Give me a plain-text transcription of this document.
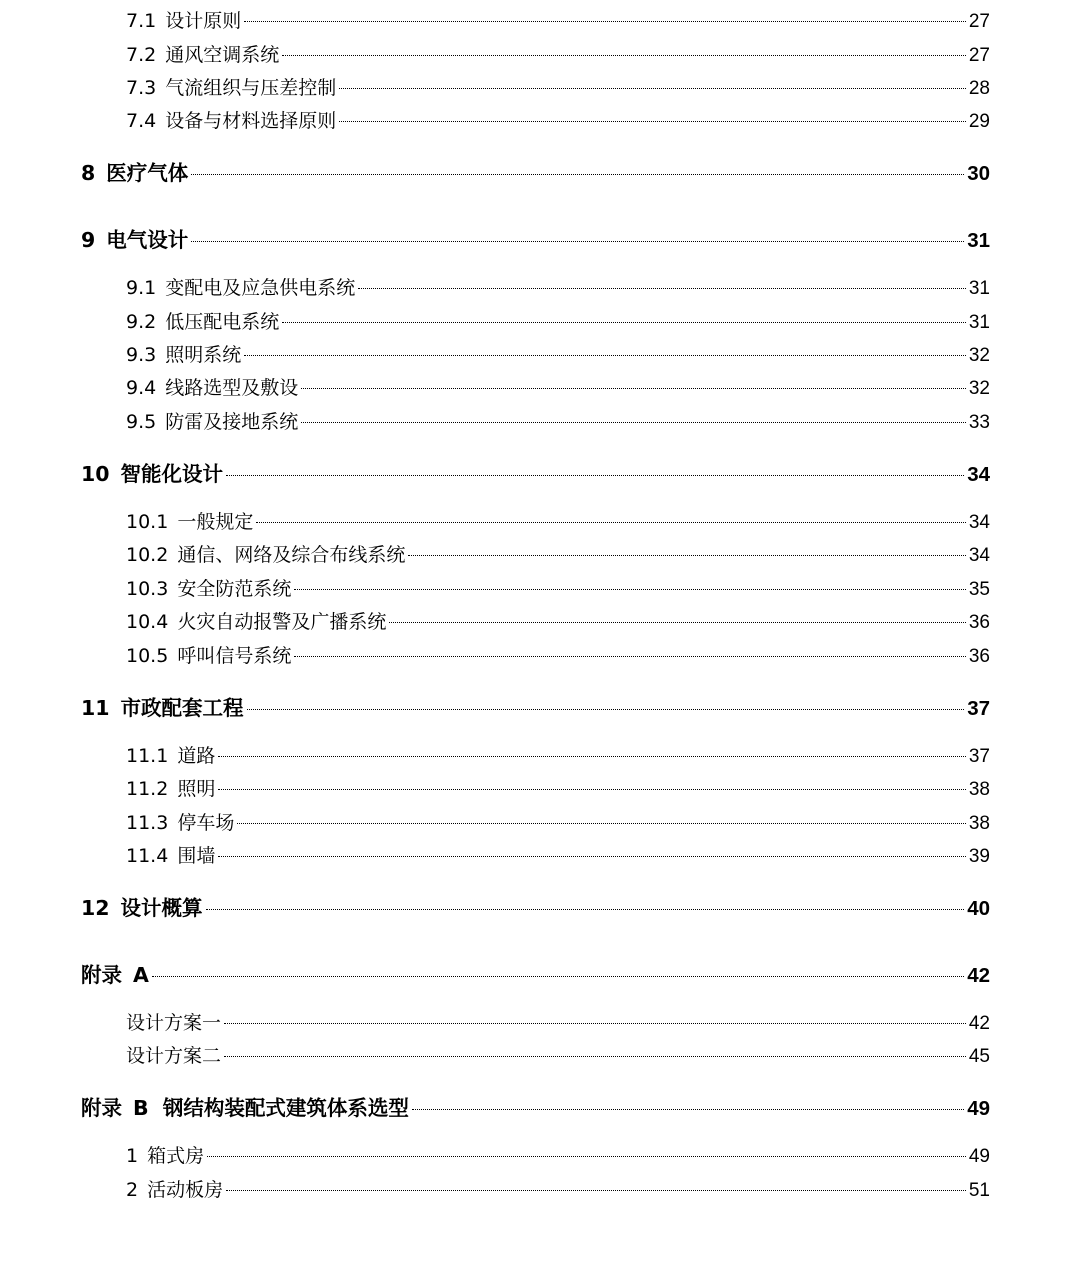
7.1 设计原则	27
7.2 通风空调系统	27
7.3 气流组织与压差控制	28
7.4 设备与材料选择原则	29
8 医疗气体	30
9 电气设计	31
9.1 变配电及应急供电系统	31
9.2 低压配电系统	31
9.3 照明系统	32
9.4 线路选型及敷设	32
9.5 防雷及接地系统	33
10 智能化设计	34
10.1 一般规定	34
10.2 通信、网络及综合布线系统	34
10.3 安全防范系统	35
10.4 火灾自动报警及广播系统	36
10.5 呼叫信号系统	36
11 市政配套工程	37
11.1 道路	37
11.2 照明	38
11.3 停车场	38
11.4 围墙	39
12 设计概算	40
附录 A	42
设计方案一	42
设计方案二	45
附录 B  钢结构装配式建筑体系选型	49
1 箱式房	49
2 活动板房	51
